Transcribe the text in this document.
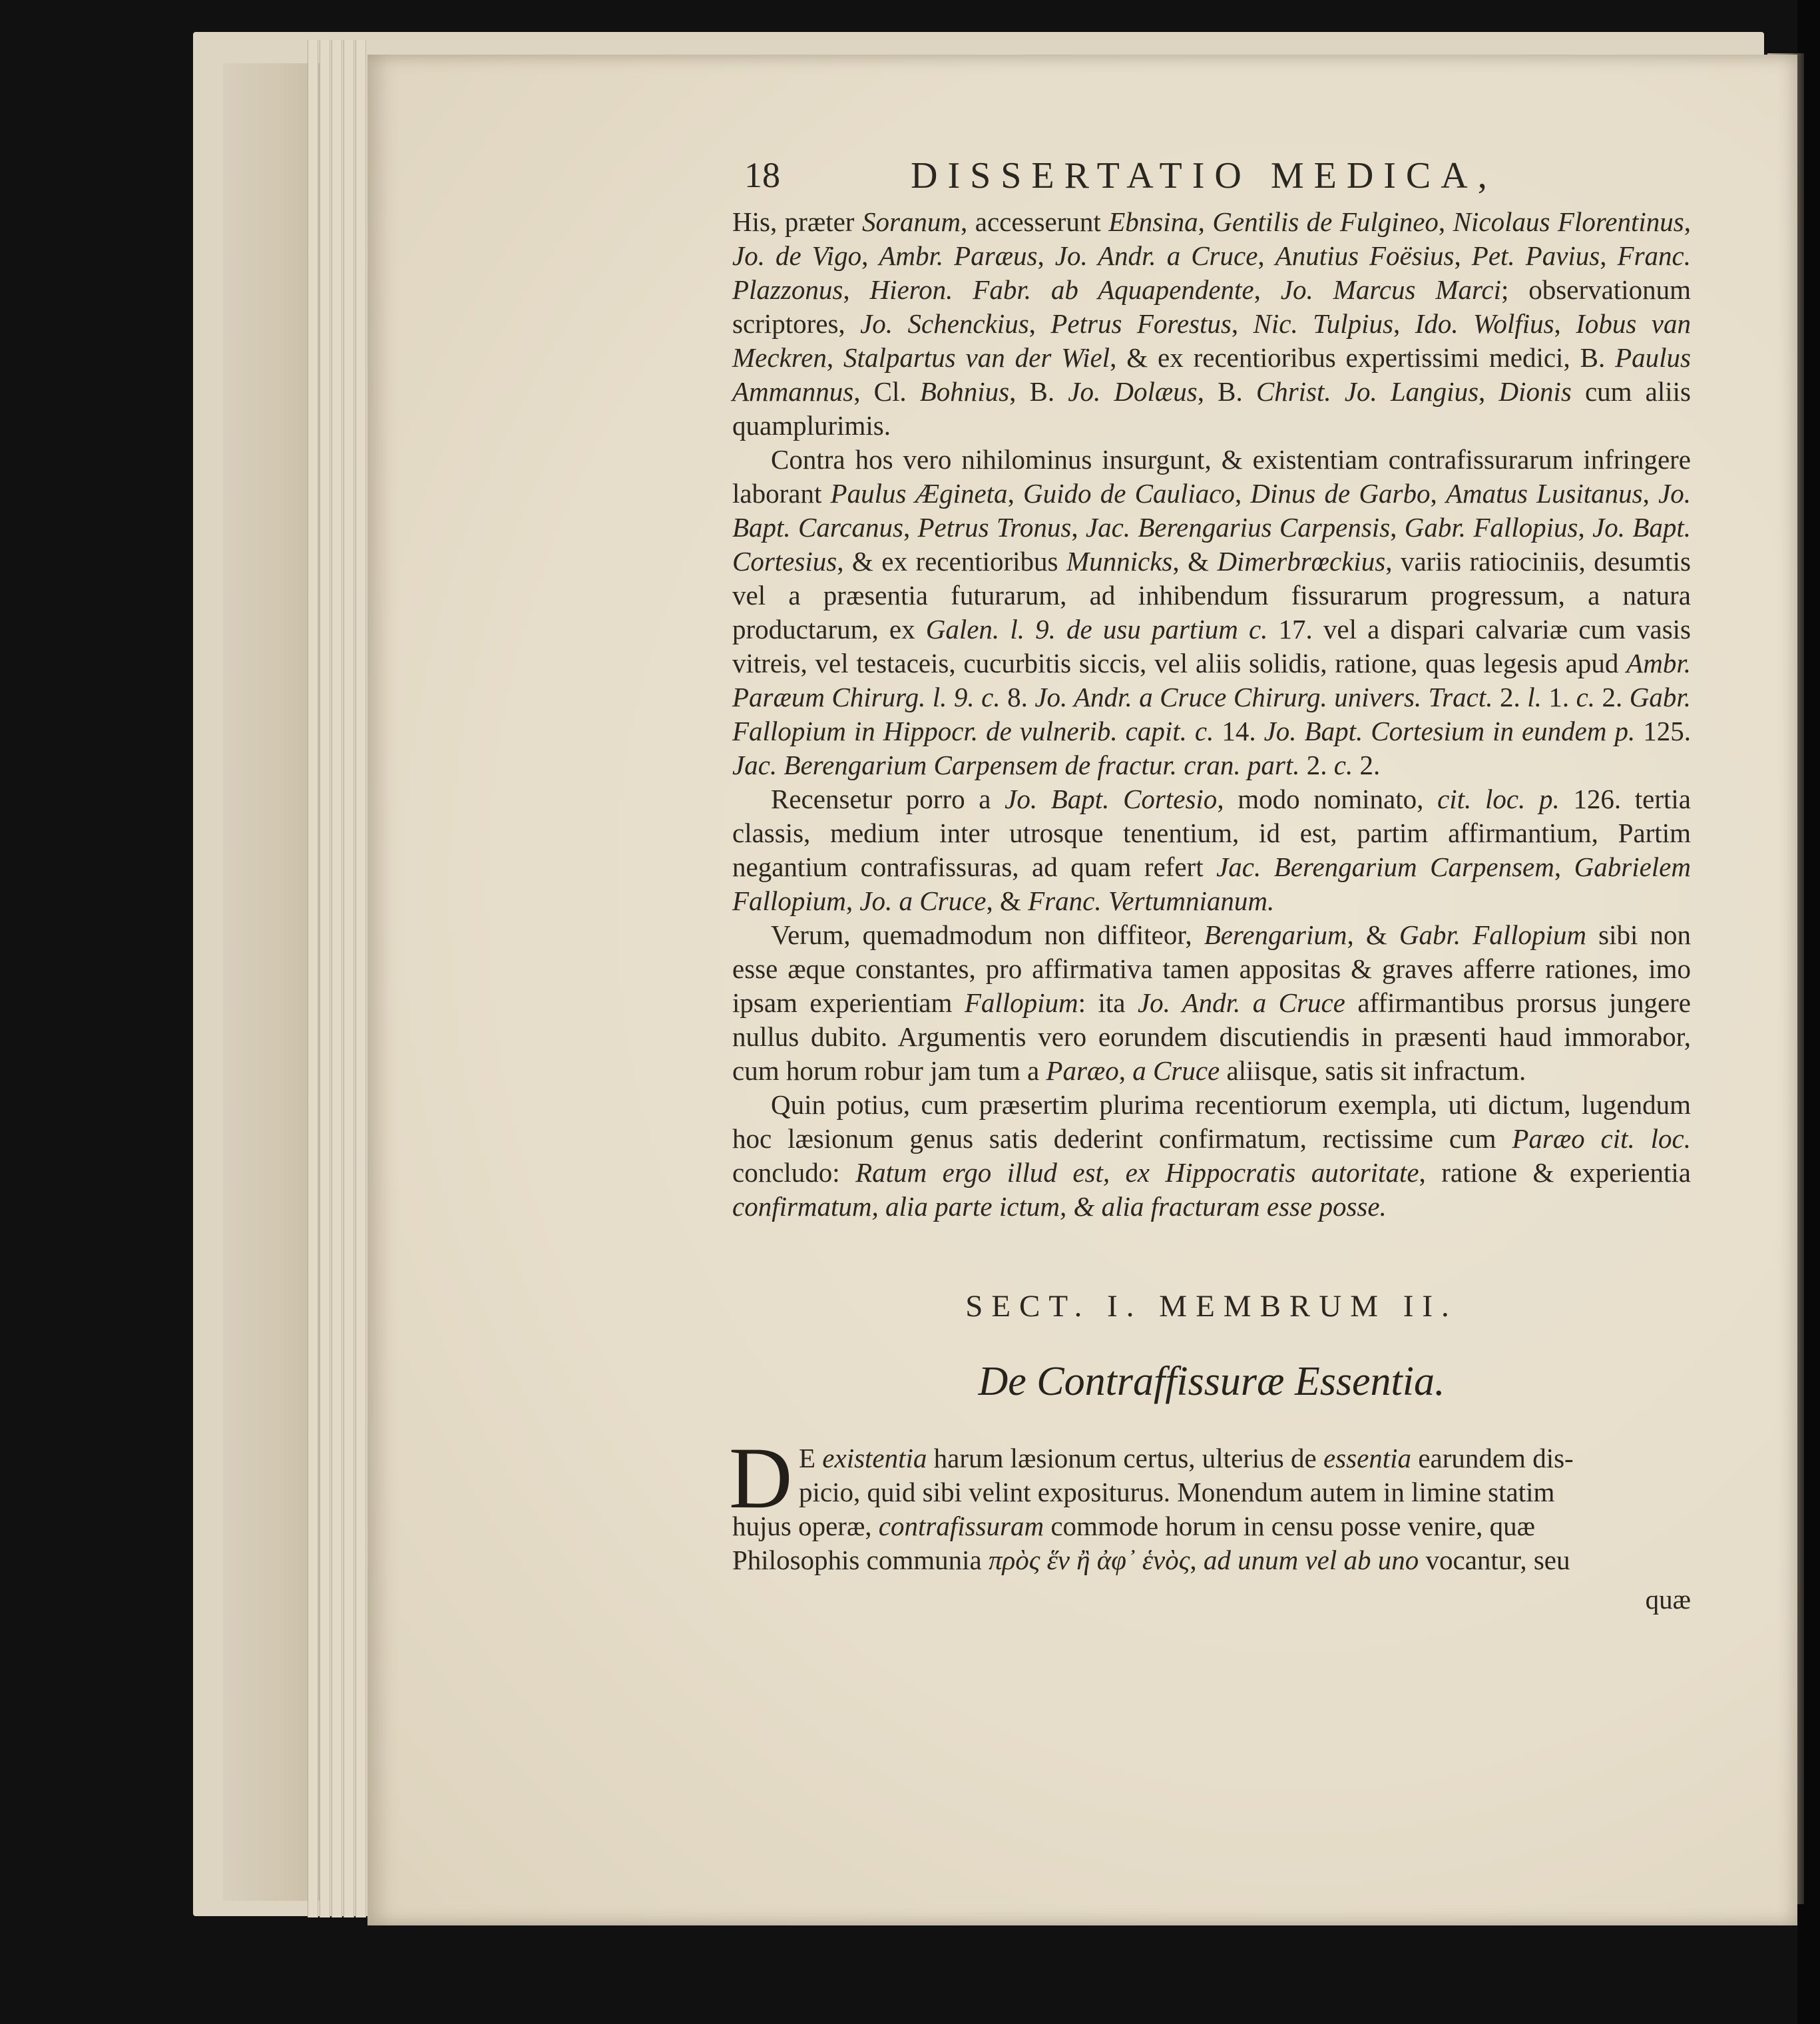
18	DISSERTATIO MEDICA,

His, præter Soranum, accesserunt Ebnsina, Gentilis de Fulgineo, Nicolaus Florentinus, Jo. de Vigo, Ambr. Paræus, Jo. Andr. a Cruce, Anutius Foësius, Pet. Pavius, Franc. Plazzonus, Hieron. Fabr. ab Aquapendente, Jo. Marcus Marci; observationum scriptores, Jo. Schenckius, Petrus Forestus, Nic. Tulpius, Ido. Wolfius, Iobus van Meckren, Stalpartus van der Wiel, & ex recentioribus expertissimi medici, B. Paulus Ammannus, Cl. Bohnius, B. Jo. Dolæus, B. Christ. Jo. Langius, Dionis cum aliis quamplurimis.

Contra hos vero nihilominus insurgunt, & existentiam contrafissurarum infringere laborant Paulus Ægineta, Guido de Cauliaco, Dinus de Garbo, Amatus Lusitanus, Jo. Bapt. Carcanus, Petrus Tronus, Jac. Berengarius Carpensis, Gabr. Fallopius, Jo. Bapt. Cortesius, & ex recentioribus Munnicks, & Dimerbrœckius, variis ratiociniis, desumtis vel a præsentia futurarum, ad inhibendum fissurarum progressum, a natura productarum, ex Galen. l. 9. de usu partium c. 17. vel a dispari calvariæ cum vasis vitreis, vel testaceis, cucurbitis siccis, vel aliis solidis, ratione, quas legesis apud Ambr. Paræum Chirurg. l. 9. c. 8. Jo. Andr. a Cruce Chirurg. univers. Tract. 2. l. 1. c. 2. Gabr. Fallopium in Hippocr. de vulnerib. capit. c. 14. Jo. Bapt. Cortesium in eundem p. 125. Jac. Berengarium Carpensem de fractur. cran. part. 2. c. 2.

Recensetur porro a Jo. Bapt. Cortesio, modo nominato, cit. loc. p. 126. tertia classis, medium inter utrosque tenentium, id est, partim affirmantium, Partim negantium contrafissuras, ad quam refert Jac. Berengarium Carpensem, Gabrielem Fallopium, Jo. a Cruce, & Franc. Vertumnianum.

Verum, quemadmodum non diffiteor, Berengarium, & Gabr. Fallopium sibi non esse æque constantes, pro affirmativa tamen appositas & graves afferre rationes, imo ipsam experientiam Fallopium: ita Jo. Andr. a Cruce affirmantibus prorsus jungere nullus dubito. Argumentis vero eorundem discutiendis in præsenti haud immorabor, cum horum robur jam tum a Paræo, a Cruce aliisque, satis sit infractum.

Quin potius, cum præsertim plurima recentiorum exempla, uti dictum, lugendum hoc læsionum genus satis dederint confirmatum, rectissime cum Paræo cit. loc. concludo: Ratum ergo illud est, ex Hippocratis autoritate, ratione & experientia confirmatum, alia parte ictum, & alia fracturam esse posse.

SECT. I. MEMBRUM II.
De Contraffissuræ Essentia.
D E existentia harum læsionum certus, ulterius de essentia earundem dis-

picio, quid sibi velint expositurus. Monendum autem in limine statim

hujus operæ, contrafissuram commode horum in censu posse venire, quæ

Philosophis communia πρὸς ἕν ἢ ἀφ᾽ ἑνὸς, ad unum vel ab uno vocantur, seu

quæ
